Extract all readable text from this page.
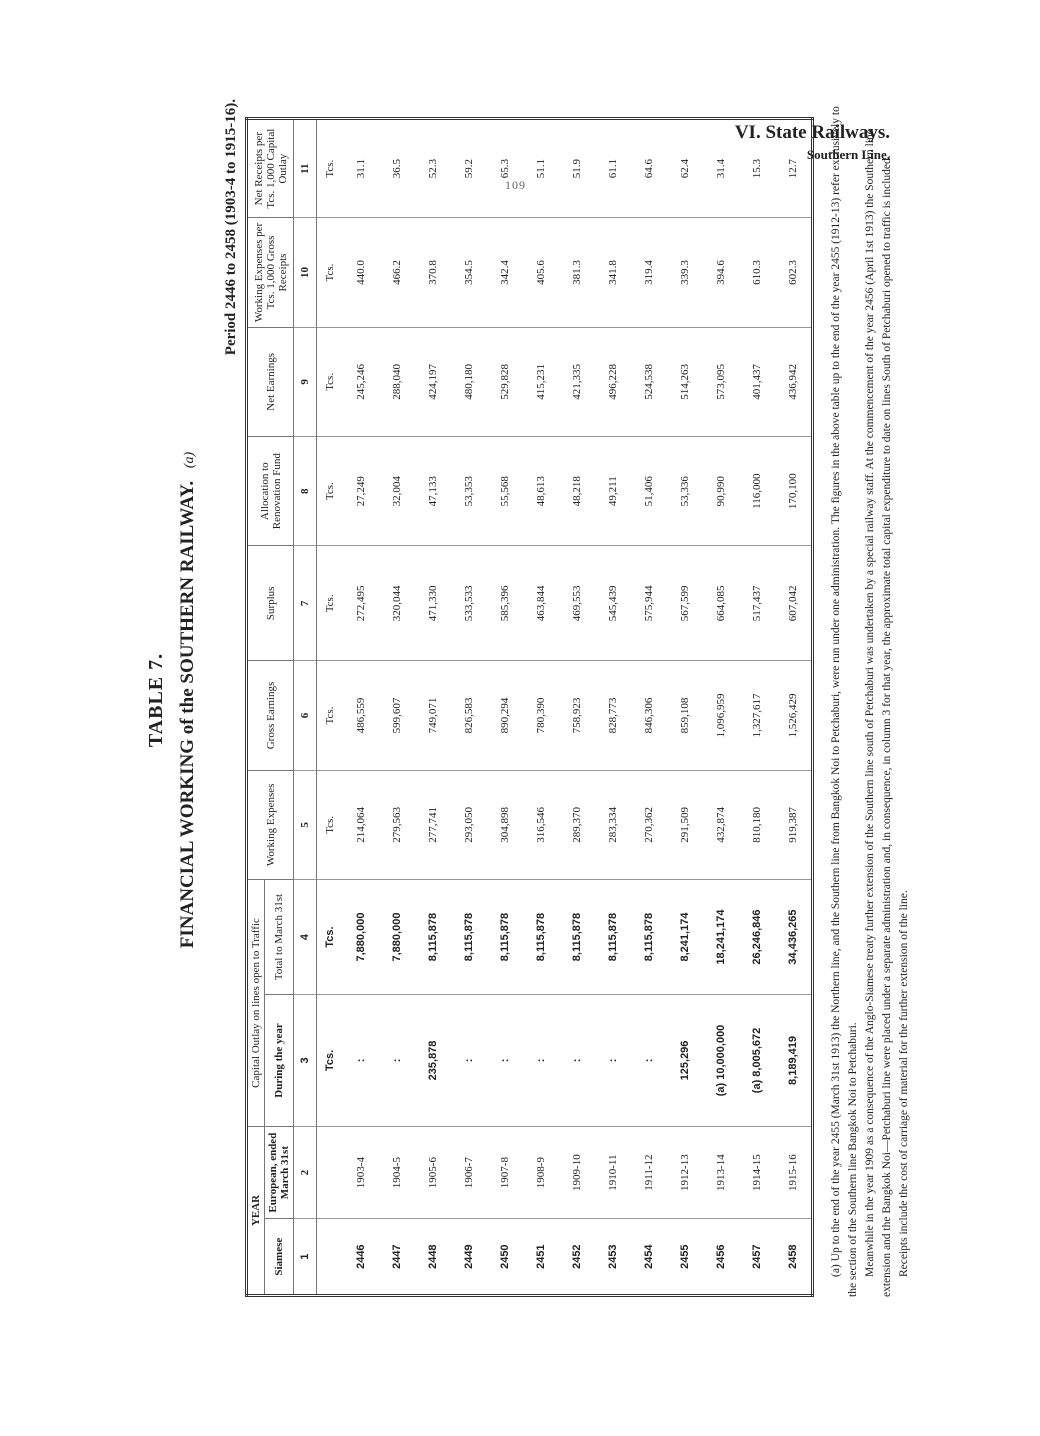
VI. State Railways.
Southern Line.
109
TABLE 7. FINANCIAL WORKING of the SOUTHERN RAILWAY. (a)
Period 2446 to 2458 (1903-4 to 1915-16).
YEAR		Capital Outlay on lines open to Traffic		Working Expenses	Gross Earnings	Surplus	Allocation to Renovation Fund	Net Earnings	Working Expenses per Tcs. 1,000 Gross Receipts	Net Receipts per Tcs. 1,000 Capital Outlay
Siamese	European, ended March 31st	During the year	Total to March 31st							
1	2	3	4	5	6	7	8	9	10	11
		Tcs.	Tcs.	Tcs.	Tcs.	Tcs.	Tcs.	Tcs.	Tcs.	Tcs.
2446	1903-4	:	7,880,000	214,064	486,559	272,495	27,249	245,246	440.0	31.1
2447	1904-5	:	7,880,000	279,563	599,607	320,044	32,004	288,040	466.2	36.5
2448	1905-6	235,878	8,115,878	277,741	749,071	471,330	47,133	424,197	370.8	52.3
2449	1906-7	:	8,115,878	293,050	826,583	533,533	53,353	480,180	354.5	59.2
2450	1907-8	:	8,115,878	304,898	890,294	585,396	55,568	529,828	342.4	65.3
2451	1908-9	:	8,115,878	316,546	780,390	463,844	48,613	415,231	405.6	51.1
2452	1909-10	:	8,115,878	289,370	758,923	469,553	48,218	421,335	381.3	51.9
2453	1910-11	:	8,115,878	283,334	828,773	545,439	49,211	496,228	341.8	61.1
2454	1911-12	:	8,115,878	270,362	846,306	575,944	51,406	524,538	319.4	64.6
2455	1912-13	125,296	8,241,174	291,509	859,108	567,599	53,336	514,263	339.3	62.4
2456	1913-14	(a) 10,000,000	18,241,174	432,874	1,096,959	664,085	90,990	573,095	394.6	31.4
2457	1914-15	(a) 8,005,672	26,246,846	810,180	1,327,617	517,437	116,000	401,437	610.3	15.3
2458	1915-16	8,189,419	34,436,265	919,387	1,526,429	607,042	170,100	436,942	602.3	12.7	(a) Up to the end of the year 2455 (March 31st 1913) the Northern line, and the Southern line from Bangkok Noi to Petchaburi, were run under one administration. The figures in the above table up to the end of the year 2455 (1912-13) refer exclusively to the section of the Southern line Bangkok Noi to Petchaburi. Meanwhile in the year 1909 as a consequence of the Anglo-Siamese treaty further extension of the Southern line south of Petchaburi was undertaken by a special railway staff. At the commencement of the year 2456 (April 1st 1913) the Southern line extension and the Bangkok Noi—Petchaburi line were placed under a separate administration and, in consequence, in column 3 for that year, the approximate total capital expenditure to date on lines South of Petchaburi opened to traffic is included. Receipts include the cost of carriage of material for the further extension of the line.
